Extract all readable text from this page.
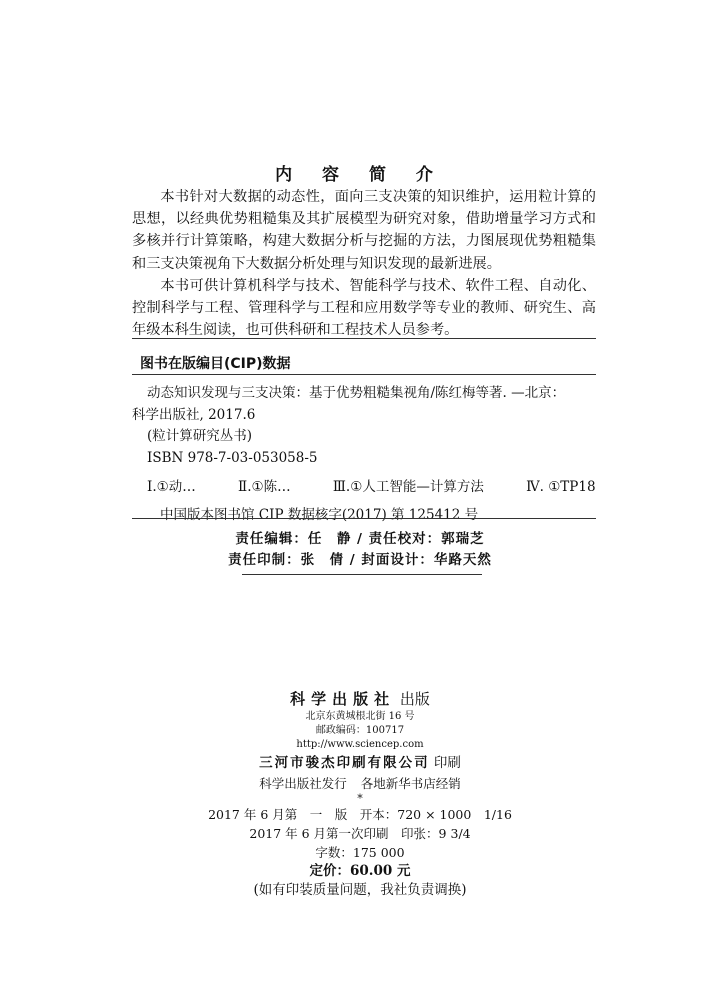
内 容 简 介

本书针对大数据的动态性，面向三支决策的知识维护，运用粒计算的思想，以经典优势粗糙集及其扩展模型为研究对象，借助增量学习方式和多核并行计算策略，构建大数据分析与挖掘的方法，力图展现优势粗糙集和三支决策视角下大数据分析处理与知识发现的最新进展。

本书可供计算机科学与技术、智能科学与技术、软件工程、自动化、控制科学与工程、管理科学与工程和应用数学等专业的教师、研究生、高年级本科生阅读，也可供科研和工程技术人员参考。

图书在版编目(CIP)数据
动态知识发现与三支决策：基于优势粗糙集视角/陈红梅等著. —北京：
科学出版社, 2017.6
(粒计算研究丛书)
ISBN 978-7-03-053058-5
Ⅰ.①动…	Ⅱ.①陈…	Ⅲ.①人工智能—计算方法	Ⅳ. ①TP18
中国版本图书馆 CIP 数据核字(2017) 第 125412 号
责任编辑：任　静 / 责任校对：郭瑞芝
责任印制：张　倩 / 封面设计：华路天然
科学出版社 出版
北京东黄城根北街 16 号
邮政编码：100717
http://www.sciencep.com
三河市骏杰印刷有限公司 印刷
科学出版社发行 各地新华书店经销
*
2017 年 6 月第　一　版　开本：720 × 1000　1/16
2017 年 6 月第一次印刷　印张：9 3/4
字数：175 000
定价：60.00 元
(如有印装质量问题，我社负责调换)
